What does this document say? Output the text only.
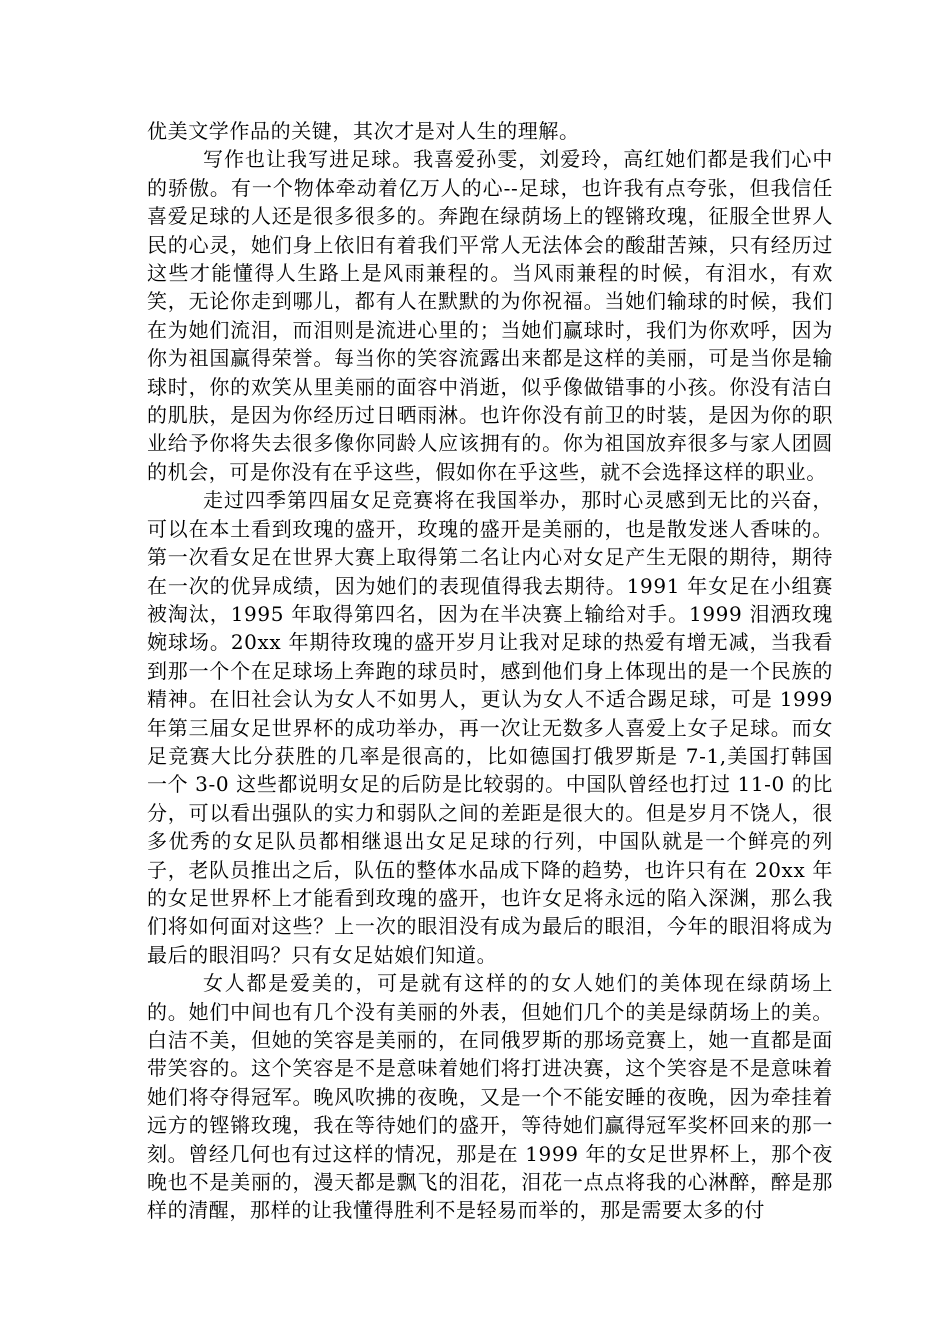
优美文学作品的关键，其次才是对人生的理解。

写作也让我写进足球。我喜爱孙雯，刘爱玲，高红她们都是我们心中的骄傲。有一个物体牵动着亿万人的心--足球，也许我有点夸张，但我信任喜爱足球的人还是很多很多的。奔跑在绿荫场上的铿锵玫瑰，征服全世界人民的心灵，她们身上依旧有着我们平常人无法体会的酸甜苦辣，只有经历过这些才能懂得人生路上是风雨兼程的。当风雨兼程的时候，有泪水，有欢笑，无论你走到哪儿，都有人在默默的为你祝福。当她们输球的时候，我们在为她们流泪，而泪则是流进心里的；当她们赢球时，我们为你欢呼，因为你为祖国赢得荣誉。每当你的笑容流露出来都是这样的美丽，可是当你是输球时，你的欢笑从里美丽的面容中消逝，似乎像做错事的小孩。你没有洁白的肌肤，是因为你经历过日晒雨淋。也许你没有前卫的时装，是因为你的职业给予你将失去很多像你同龄人应该拥有的。你为祖国放弃很多与家人团圆的机会，可是你没有在乎这些，假如你在乎这些，就不会选择这样的职业。

走过四季第四届女足竞赛将在我国举办，那时心灵感到无比的兴奋，可以在本土看到玫瑰的盛开，玫瑰的盛开是美丽的，也是散发迷人香味的。第一次看女足在世界大赛上取得第二名让内心对女足产生无限的期待，期待在一次的优异成绩，因为她们的表现值得我去期待。1991 年女足在小组赛被淘汰，1995 年取得第四名，因为在半决赛上输给对手。1999 泪洒玫瑰婉球场。20xx 年期待玫瑰的盛开岁月让我对足球的热爱有增无减，当我看到那一个个在足球场上奔跑的球员时，感到他们身上体现出的是一个民族的精神。在旧社会认为女人不如男人，更认为女人不适合踢足球，可是 1999 年第三届女足世界杯的成功举办，再一次让无数多人喜爱上女子足球。而女足竞赛大比分获胜的几率是很高的，比如德国打俄罗斯是 7-1,美国打韩国一个 3-0 这些都说明女足的后防是比较弱的。中国队曾经也打过 11-0 的比分，可以看出强队的实力和弱队之间的差距是很大的。但是岁月不饶人，很多优秀的女足队员都相继退出女足足球的行列，中国队就是一个鲜亮的列子，老队员推出之后，队伍的整体水品成下降的趋势，也许只有在 20xx 年的女足世界杯上才能看到玫瑰的盛开，也许女足将永远的陷入深渊，那么我们将如何面对这些？上一次的眼泪没有成为最后的眼泪，今年的眼泪将成为最后的眼泪吗？只有女足姑娘们知道。

女人都是爱美的，可是就有这样的的女人她们的美体现在绿荫场上的。她们中间也有几个没有美丽的外表，但她们几个的美是绿荫场上的美。白洁不美，但她的笑容是美丽的，在同俄罗斯的那场竞赛上，她一直都是面带笑容的。这个笑容是不是意味着她们将打进决赛，这个笑容是不是意味着她们将夺得冠军。晚风吹拂的夜晚，又是一个不能安睡的夜晚，因为牵挂着远方的铿锵玫瑰，我在等待她们的盛开，等待她们赢得冠军奖杯回来的那一刻。曾经几何也有过这样的情况，那是在 1999 年的女足世界杯上，那个夜晚也不是美丽的，漫天都是飘飞的泪花，泪花一点点将我的心淋醉，醉是那样的清醒，那样的让我懂得胜利不是轻易而举的，那是需要太多的付
